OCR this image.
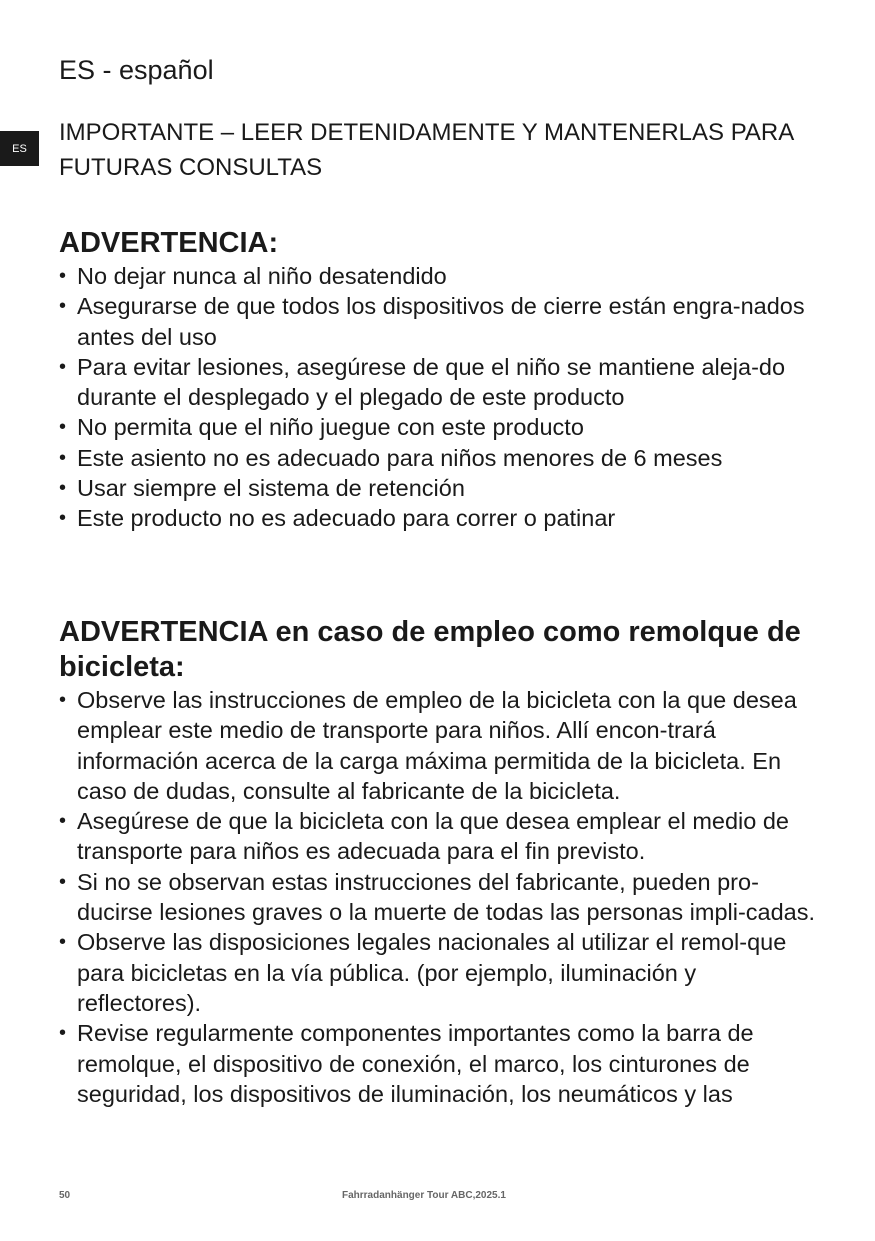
ES
ES - español
IMPORTANTE – LEER DETENIDAMENTE Y MANTENERLAS PARA FUTURAS CONSULTAS
ADVERTENCIA:
• No dejar nunca al niño desatendido
• Asegurarse de que todos los dispositivos de cierre están engra-nados antes del uso
• Para evitar lesiones, asegúrese de que el niño se mantiene aleja-do durante el desplegado y el plegado de este producto
• No permita que el niño juegue con este producto
• Este asiento no es adecuado para niños menores de 6 meses
• Usar siempre el sistema de retención
• Este producto no es adecuado para correr o patinar
ADVERTENCIA en caso de empleo como remolque de bicicleta:
• Observe las instrucciones de empleo de la bicicleta con la que desea emplear este medio de transporte para niños. Allí encon-trará información acerca de la carga máxima permitida de la bicicleta. En caso de dudas, consulte al fabricante de la bicicleta.
• Asegúrese de que la bicicleta con la que desea emplear el medio de transporte para niños es adecuada para el fin previsto.
• Si no se observan estas instrucciones del fabricante, pueden pro-ducirse lesiones graves o la muerte de todas las personas impli-cadas.
• Observe las disposiciones legales nacionales al utilizar el remol-que para bicicletas en la vía pública. (por ejemplo, iluminación y reflectores).
• Revise regularmente componentes importantes como la barra de remolque, el dispositivo de conexión, el marco, los cinturones de seguridad, los dispositivos de iluminación, los neumáticos y las
50	Fahrradanhänger Tour ABC,2025.1
